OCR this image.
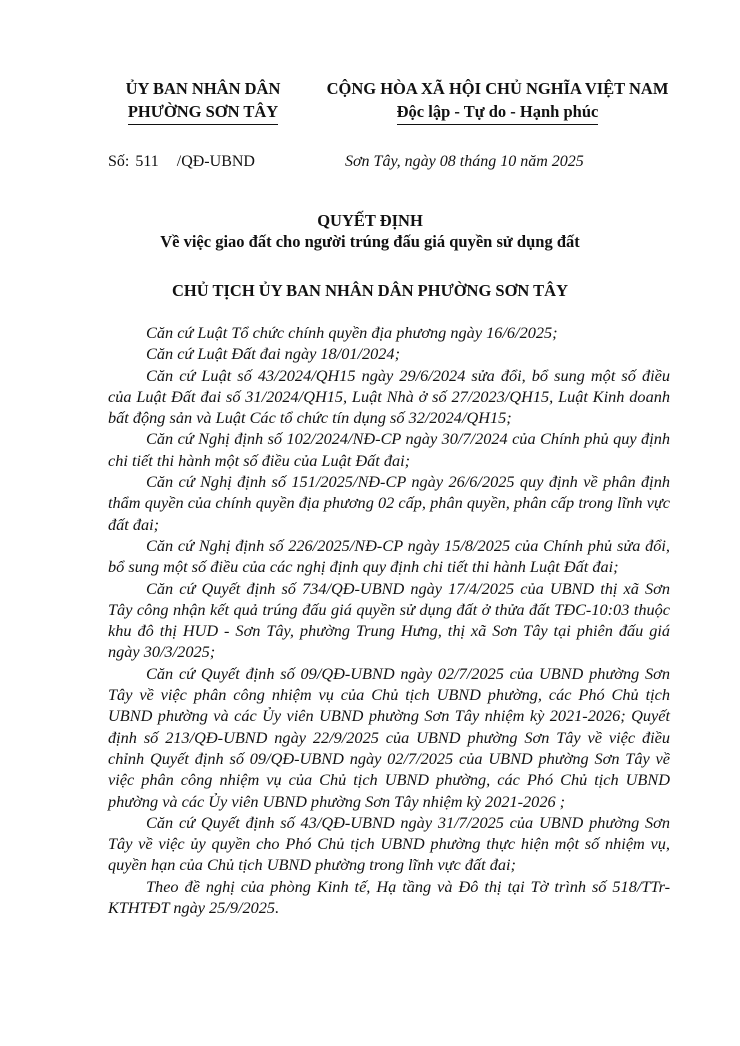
ỦY BAN NHÂN DÂN
PHƯỜNG SƠN TÂY
CỘNG HÒA XÃ HỘI CHỦ NGHĨA VIỆT NAM
Độc lập - Tự do - Hạnh phúc
Số: 511 /QĐ-UBND	Sơn Tây, ngày 08 tháng 10 năm 2025
QUYẾT ĐỊNH
Về việc giao đất cho người trúng đấu giá quyền sử dụng đất
CHỦ TỊCH ỦY BAN NHÂN DÂN PHƯỜNG SƠN TÂY

Căn cứ Luật Tổ chức chính quyền địa phương ngày 16/6/2025;

Căn cứ Luật Đất đai ngày 18/01/2024;

Căn cứ Luật số 43/2024/QH15 ngày 29/6/2024 sửa đổi, bổ sung một số điều của Luật Đất đai số 31/2024/QH15, Luật Nhà ở số 27/2023/QH15, Luật Kinh doanh bất động sản và Luật Các tổ chức tín dụng số 32/2024/QH15;

Căn cứ Nghị định số 102/2024/NĐ-CP ngày 30/7/2024 của Chính phủ quy định chi tiết thi hành một số điều của Luật Đất đai;

Căn cứ Nghị định số 151/2025/NĐ-CP ngày 26/6/2025 quy định về phân định thẩm quyền của chính quyền địa phương 02 cấp, phân quyền, phân cấp trong lĩnh vực đất đai;

Căn cứ Nghị định số 226/2025/NĐ-CP ngày 15/8/2025 của Chính phủ sửa đổi, bổ sung một số điều của các nghị định quy định chi tiết thi hành Luật Đất đai;

Căn cứ Quyết định số 734/QĐ-UBND ngày 17/4/2025 của UBND thị xã Sơn Tây công nhận kết quả trúng đấu giá quyền sử dụng đất ở thửa đất TĐC-10:03 thuộc khu đô thị HUD - Sơn Tây, phường Trung Hưng, thị xã Sơn Tây tại phiên đấu giá ngày 30/3/2025;

Căn cứ Quyết định số 09/QĐ-UBND ngày 02/7/2025 của UBND phường Sơn Tây về việc phân công nhiệm vụ của Chủ tịch UBND phường, các Phó Chủ tịch UBND phường và các Ủy viên UBND phường Sơn Tây nhiệm kỳ 2021-2026; Quyết định số 213/QĐ-UBND ngày 22/9/2025 của UBND phường Sơn Tây về việc điều chỉnh Quyết định số 09/QĐ-UBND ngày 02/7/2025 của UBND phường Sơn Tây về việc phân công nhiệm vụ của Chủ tịch UBND phường, các Phó Chủ tịch UBND phường và các Ủy viên UBND phường Sơn Tây nhiệm kỳ 2021-2026 ;

Căn cứ Quyết định số 43/QĐ-UBND ngày 31/7/2025 của UBND phường Sơn Tây về việc ủy quyền cho Phó Chủ tịch UBND phường thực hiện một số nhiệm vụ, quyền hạn của Chủ tịch UBND phường trong lĩnh vực đất đai;

Theo đề nghị của phòng Kinh tế, Hạ tầng và Đô thị tại Tờ trình số 518/TTr-KTHTĐT ngày 25/9/2025.
